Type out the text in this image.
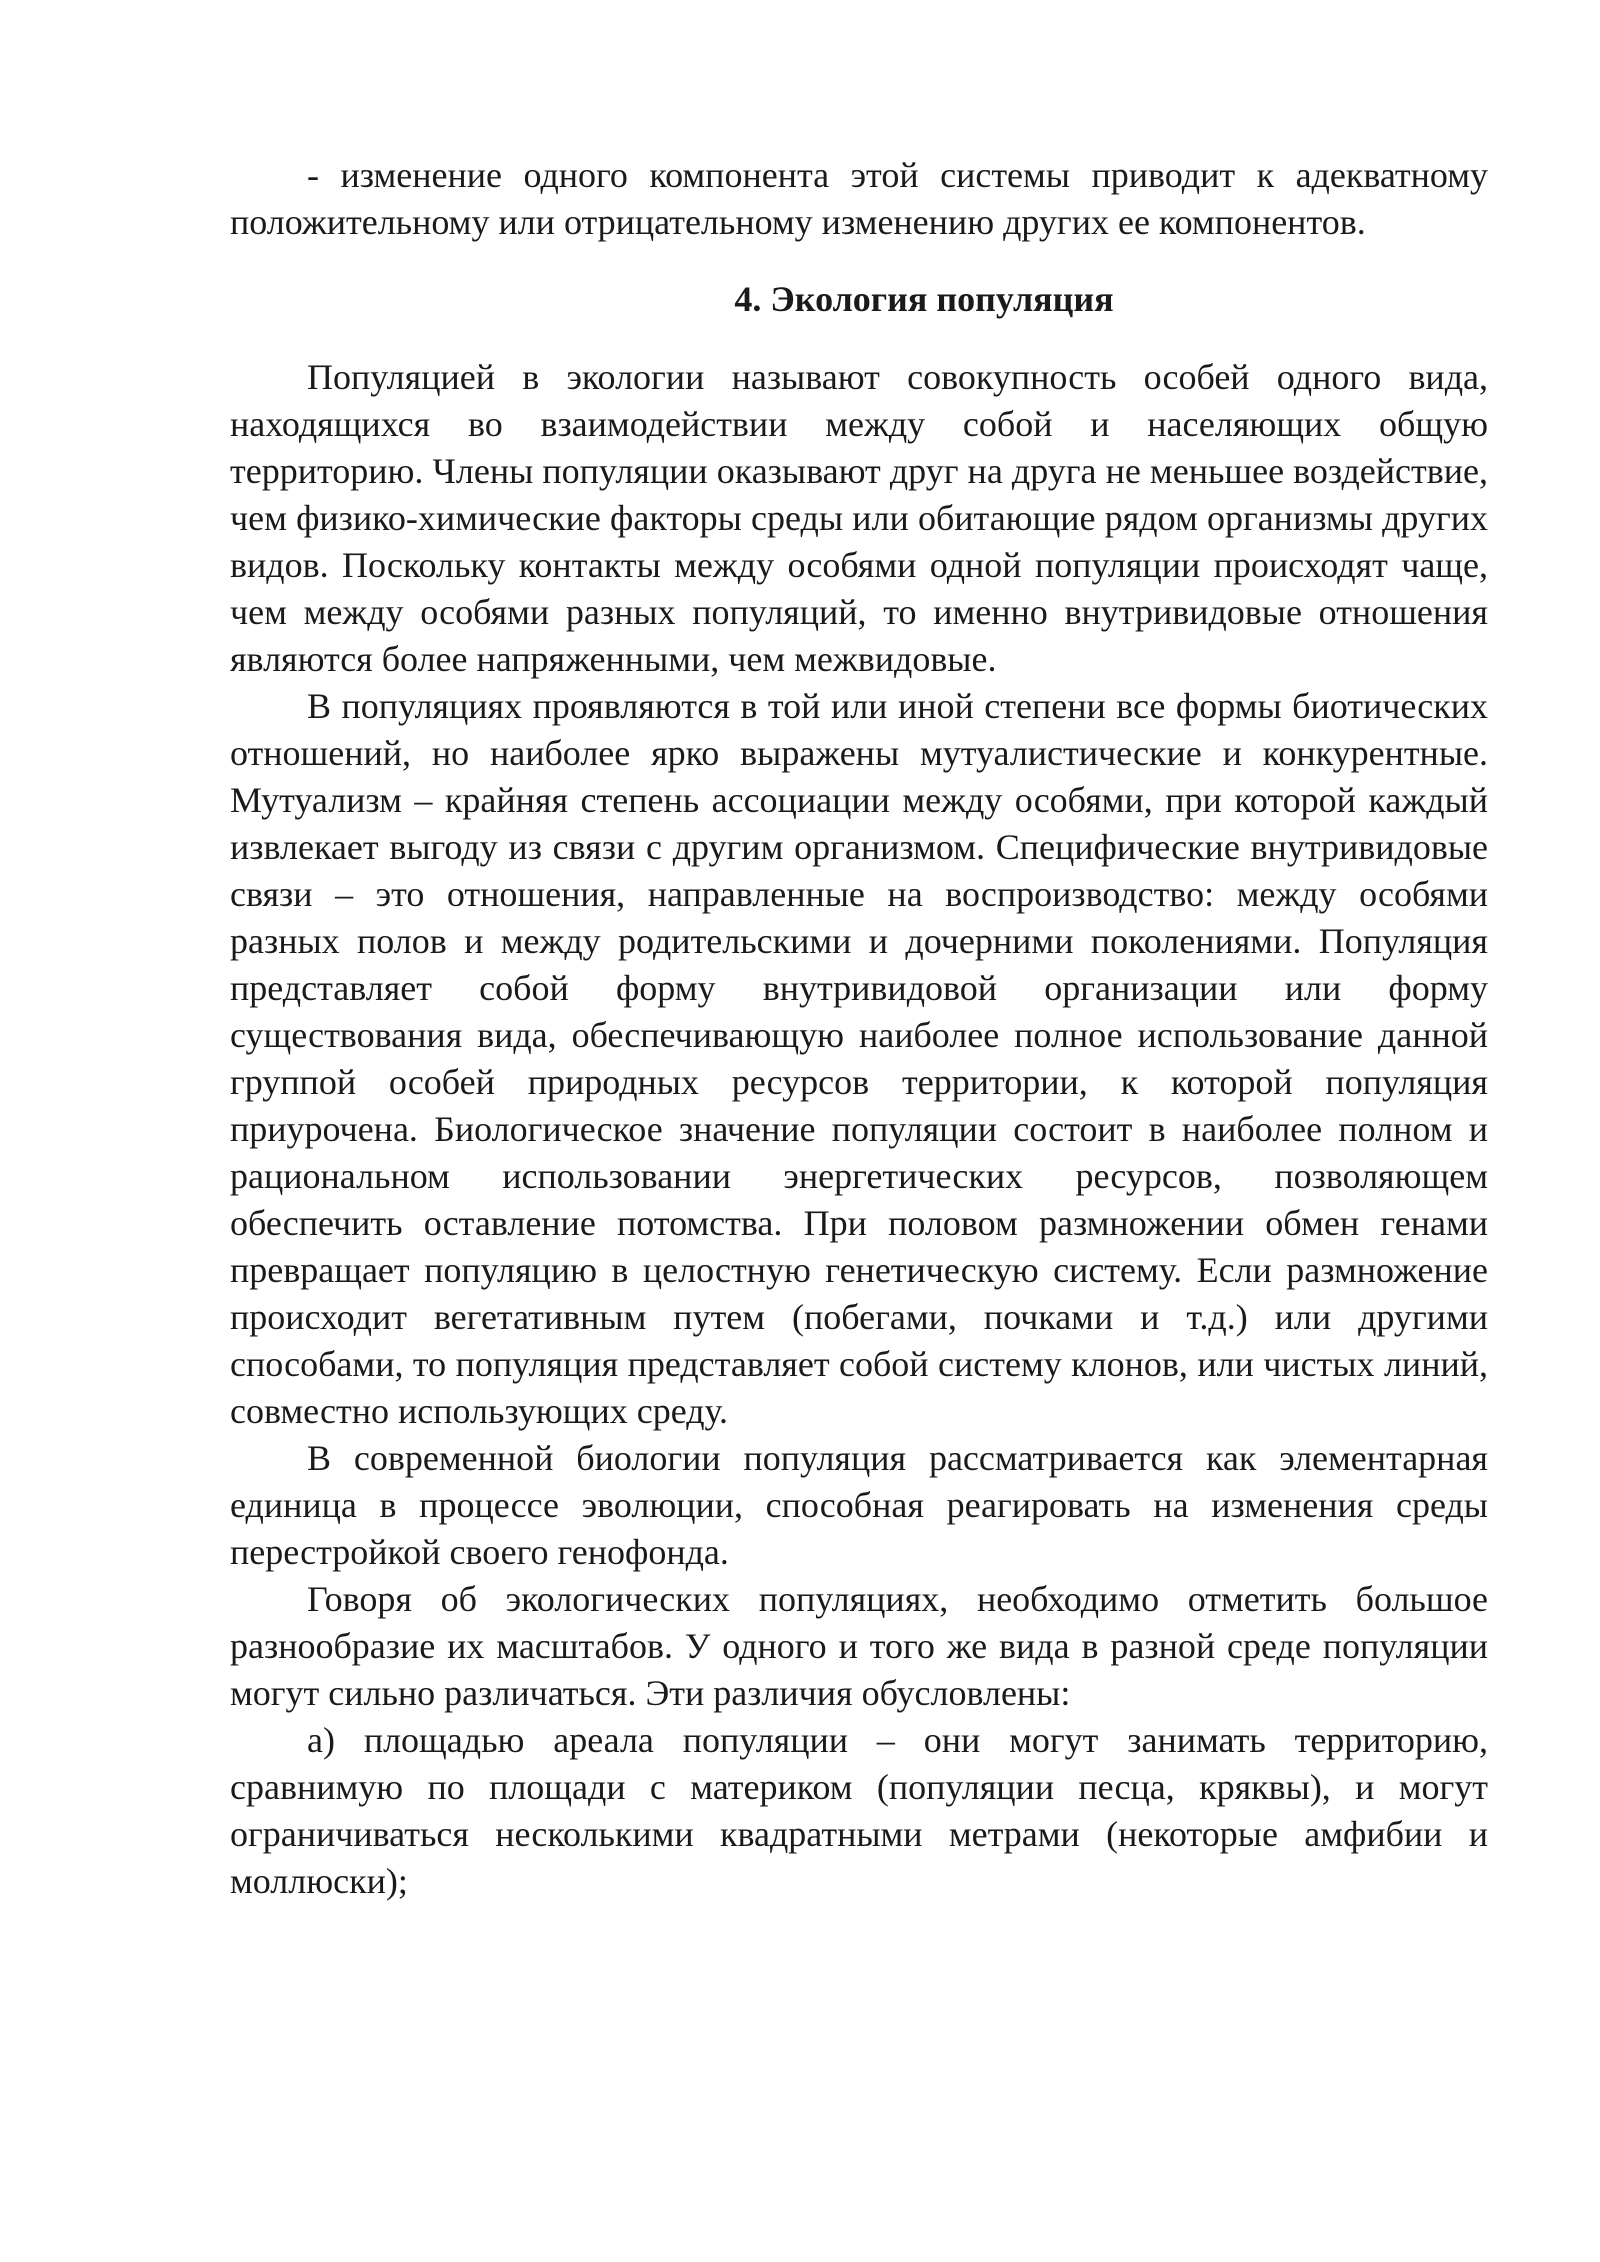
- изменение одного компонента этой системы приводит к адекватному положительному или отрицательному изменению других ее компонентов.

4. Экология популяция

Популяцией в экологии называют совокупность особей одного вида, находящихся во взаимодействии между собой и населяющих общую территорию. Члены популяции оказывают друг на друга не меньшее воздействие, чем физико-химические факторы среды или обитающие рядом организмы других видов. Поскольку контакты между особями одной популяции происходят чаще, чем между особями разных популяций, то именно внутривидовые отношения являются более напряженными, чем межвидовые.

В популяциях проявляются в той или иной степени все формы биотических отношений, но наиболее ярко выражены мутуалистические и конкурентные. Мутуализм – крайняя степень ассоциации между особями, при которой каждый извлекает выгоду из связи с другим организмом. Специфические внутривидовые связи – это отношения, направленные на воспроизводство: между особями разных полов и между родительскими и дочерними поколениями. Популяция представляет собой форму внутривидовой организации или форму существования вида, обеспечивающую наиболее полное использование данной группой особей природных ресурсов территории, к которой популяция приурочена. Биологическое значение популяции состоит в наиболее полном и рациональном использовании энергетических ресурсов, позволяющем обеспечить оставление потомства. При половом размножении обмен генами превращает популяцию в целостную генетическую систему. Если размножение происходит вегетативным путем (побегами, почками и т.д.) или другими способами, то популяция представляет собой систему клонов, или чистых линий, совместно использующих среду.

В современной биологии популяция рассматривается как элементарная единица в процессе эволюции, способная реагировать на изменения среды перестройкой своего генофонда.

Говоря об экологических популяциях, необходимо отметить большое разнообразие их масштабов. У одного и того же вида в разной среде популяции могут сильно различаться. Эти различия обусловлены:

а) площадью ареала популяции – они могут занимать территорию, сравнимую по площади с материком (популяции песца, кряквы), и могут ограничиваться несколькими квадратными метрами (некоторые амфибии и моллюски);
